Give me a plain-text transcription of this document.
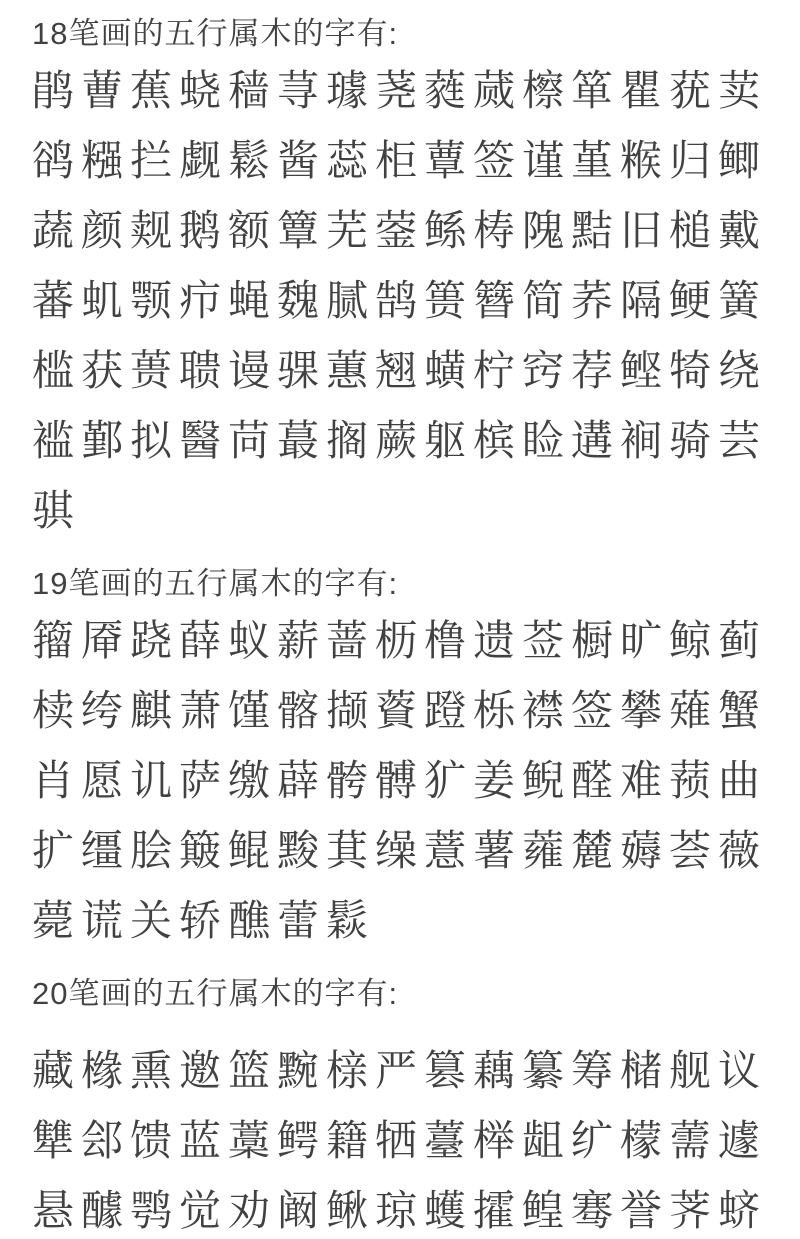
18笔画的五行属木的字有:
鹃 蓸 蕉 蛲 穑 荨 璩 荛 蕤 蒇 檫 箪 瞿 莸 荬
鹆 糨 拦 觑 鬆 酱 蕊 柜 蕈 签 谨 堇 糇 归 鲫
蔬 颜 觌 鹅 额 簟 芜 蓥 鲧 梼 隗 黠 旧 槌 戴
蕃 虮 颚 疖 蝇 魏 腻 鹄 篑 簪 简 荞 隔 鲠 簧
槛 获 蒉 聩 谩 骒 蕙 翘 蟥 柠 窍 荐 鲣 犄 绕
褴 鄞 拟 醫 苘 蕞 搁 蕨 躯 槟 睑 遘 裥 骑 芸
骐
19笔画的五行属木的字有:
籀 厣 跷 薛 蚁 薪 蔷 枥 橹 遗 莶 橱 旷 鲸 蓟
椟 绔 麒 萧 馑 髂 撷 薋 蹬 栎 襟 签 攀 薙 蟹
肖 愿 讥 萨 缴 薜 骻 髆 犷 姜 鲵 醛 难 蓣 曲
扩 缰 脍 簸 鲲 黢 萁 缲 薏 薯 蕹 麓 薅 荟 薇
薨 谎 关 轿 醮 蕾 鬏
20笔画的五行属木的字有:
藏 橼 熏 邀 篮 黦 榇 严 篡 藕 纂 筹 槠 舰 议
犨 郐 馈 蓝 藁 鳄 籍 牺 薹 榉 龃 纩 檬 薷 遽
悬 醵 鹗 觉 劝 阚 鳅 琼 蠖 攉 鳇 骞 誉 荠 蛴
